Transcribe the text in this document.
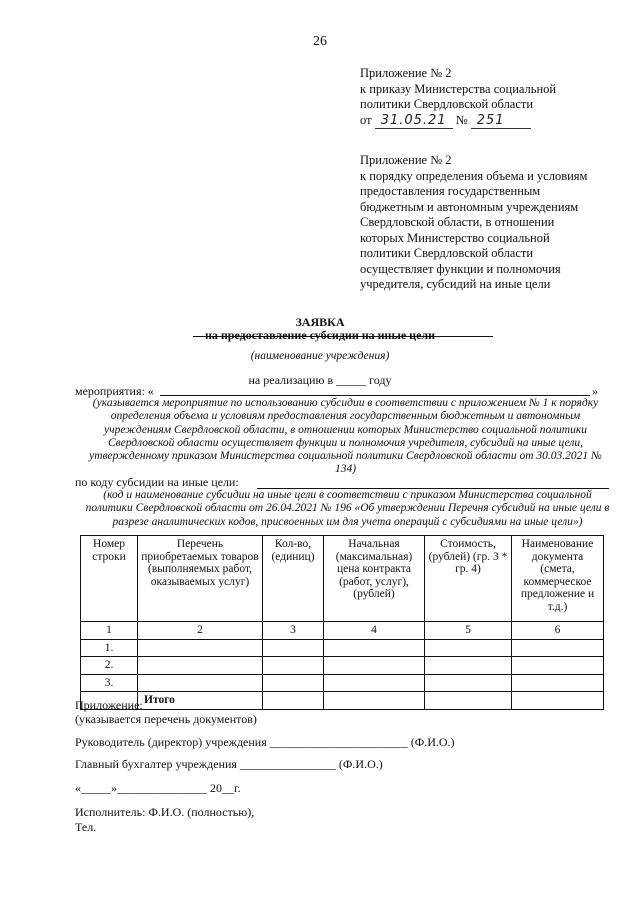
26
Приложение № 2
к приказу Министерства социальной
политики Свердловской области
от 31.05.21 № 251
Приложение № 2
к порядку определения объема и условиям
предоставления государственным
бюджетным и автономным учреждениям
Свердловской области, в отношении
которых Министерство социальной
политики Свердловской области
осуществляет функции и полномочия
учредителя, субсидий на иные цели
ЗАЯВКА
на предоставление субсидии на иные цели
(наименование учреждения)
на реализацию в _____ году
мероприятия: «	»
(указывается мероприятие по использованию субсидии в соответствии с приложением № 1 к порядку определения объема и условиям предоставления государственным бюджетным и автономным учреждениям Свердловской области, в отношении которых Министерство социальной политики Свердловской области осуществляет функции и полномочия учредителя, субсидий на иные цели, утвержденному приказом Министерства социальной политики Свердловской области от 30.03.2021 № 134)
по коду субсидии на иные цели:
(код и наименование субсидии на иные цели в соответствии с приказом Министерства социальной политики Свердловской области от 26.04.2021 № 196 «Об утверждении Перечня субсидий на иные цели в разрезе аналитических кодов, присвоенных им для учета операций с субсидиями на иные цели»)
Номер строки	Перечень приобретаемых товаров (выполняемых работ, оказываемых услуг)	Кол-во, (единиц)	Начальная (максимальная) цена контракта (работ, услуг), (рублей)	Стоимость, (рублей) (гр. 3 * гр. 4)	Наименование документа (смета, коммерческое предложение и т.д.)
1	2	3	4	5	6
1.					
2.					
3.					
	Итого				
Приложение:
(указывается перечень документов)
Руководитель (директор) учреждения _______________________ (Ф.И.О.)
Главный бухгалтер учреждения ________________ (Ф.И.О.)
«_____»_______________ 20__г.
Исполнитель: Ф.И.О. (полностью),
Тел.
